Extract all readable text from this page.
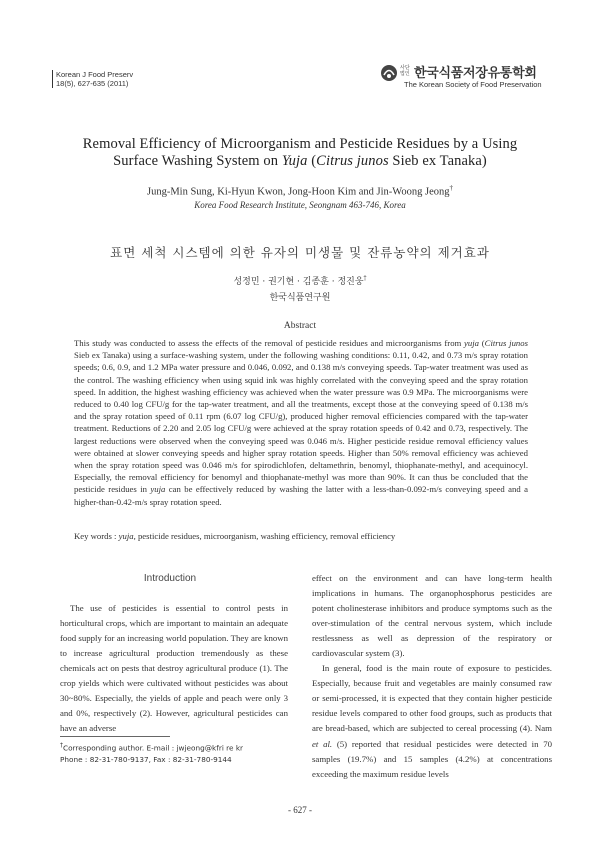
Korean J Food Preserv
18(5), 627-635 (2011)
사단
법인 한국식품저장유통학회
The Korean Society of Food Preservation
Removal Efficiency of Microorganism and Pesticide Residues by a Using
Surface Washing System on Yuja (Citrus junos Sieb ex Tanaka)
Jung-Min Sung, Ki-Hyun Kwon, Jong-Hoon Kim and Jin-Woong Jeong†
Korea Food Research Institute, Seongnam 463-746, Korea
표면 세척 시스템에 의한 유자의 미생물 및 잔류농약의 제거효과
성정민 · 권기현 · 김종훈 · 정진웅†
한국식품연구원
Abstract
This study was conducted to assess the effects of the removal of pesticide residues and microorganisms from yuja (Citrus junos Sieb ex Tanaka) using a surface-washing system, under the following washing conditions: 0.11, 0.42, and 0.73 m/s spray rotation speeds; 0.6, 0.9, and 1.2 MPa water pressure and 0.046, 0.092, and 0.138 m/s conveying speeds. Tap-water treatment was used as the control. The washing efficiency when using squid ink was highly correlated with the conveying speed and the spray rotation speed. In addition, the highest washing efficiency was achieved when the water pressure was 0.9 MPa. The microorganisms were reduced to 0.40 log CFU/g for the tap-water treatment, and all the treatments, except those at the conveying speed of 0.138 m/s and the spray rotation speed of 0.11 rpm (6.07 log CFU/g), produced higher removal efficiencies compared with the tap-water treatment. Reductions of 2.20 and 2.05 log CFU/g were achieved at the spray rotation speeds of 0.42 and 0.73, respectively. The largest reductions were observed when the conveying speed was 0.046 m/s. Higher pesticide residue removal efficiency values were obtained at slower conveying speeds and higher spray rotation speeds. Higher than 50% removal efficiency was achieved when the spray rotation speed was 0.046 m/s for spirodichlofen, deltamethrin, benomyl, thiophanate-methyl, and acequinocyl. Especially, the removal efficiency for benomyl and thiophanate-methyl was more than 90%. It can thus be concluded that the pesticide residues in yuja can be effectively reduced by washing the latter with a less-than-0.092-m/s conveying speed and a higher-than-0.42-m/s spray rotation speed.
Key words : yuja, pesticide residues, microorganism, washing efficiency, removal efficiency
Introduction

The use of pesticides is essential to control pests in horticultural crops, which are important to maintain an adequate food supply for an increasing world population. They are known to increase agricultural production tremendously as these chemicals act on pests that destroy agricultural produce (1). The crop yields which were cultivated without pesticides was about 30~80%. Especially, the yields of apple and peach were only 3 and 0%, respectively (2). However, agricultural pesticides can have an adverse

effect on the environment and can have long-term health implications in humans. The organophosphorus pesticides are potent cholinesterase inhibitors and produce symptoms such as the over-stimulation of the central nervous system, which include restlessness as well as depression of the respiratory or cardiovascular system (3).

In general, food is the main route of exposure to pesticides. Especially, because fruit and vegetables are mainly consumed raw or semi-processed, it is expected that they contain higher pesticide residue levels compared to other food groups, such as products that are bread-based, which are subjected to cereal processing (4). Nam et al. (5) reported that residual pesticides were detected in 70 samples (19.7%) and 15 samples (4.2%) at concentrations exceeding the maximum residue levels

†Corresponding author. E-mail : jwjeong@kfri re kr
Phone : 82-31-780-9137, Fax : 82-31-780-9144
- 627 -
